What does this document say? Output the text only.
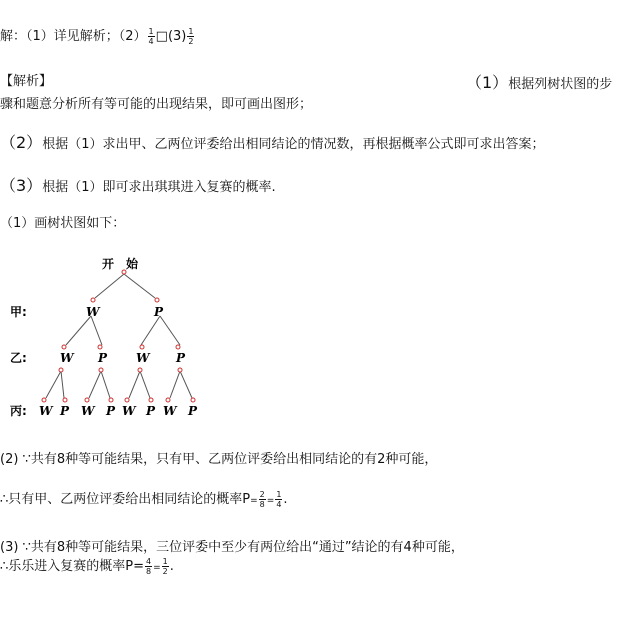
解：（1）详见解析；$(2) \frac{1}{4}$ □(3) $\frac{1}{2}$
【解析】	（1）根据列树状图的步
骤和题意分析所有等可能的出现结果，即可画出图形；
（2）根据（1）求出甲、乙两位评委给出相同结论的情况数，再根据概率公式即可求出答案；
（3）根据（1）即可求出琪琪进入复赛的概率.
（1）画树状图如下：
开　始
甲:
乙:
丙:
W	P
W P W P
W P W P W P W P
(2) ∵共有8种等可能结果，只有甲、乙两位评委给出相同结论的有2种可能，
∴只有甲、乙两位评委给出相同结论的概率$P= \frac{2}{8} = \frac{1}{4}$ .
(3) ∵共有8种等可能结果，三位评委中至少有两位给出“通过”结论的有4种可能，
∴乐乐进入复赛的概率$P= \frac{4}{8} = \frac{1}{2}$ .
